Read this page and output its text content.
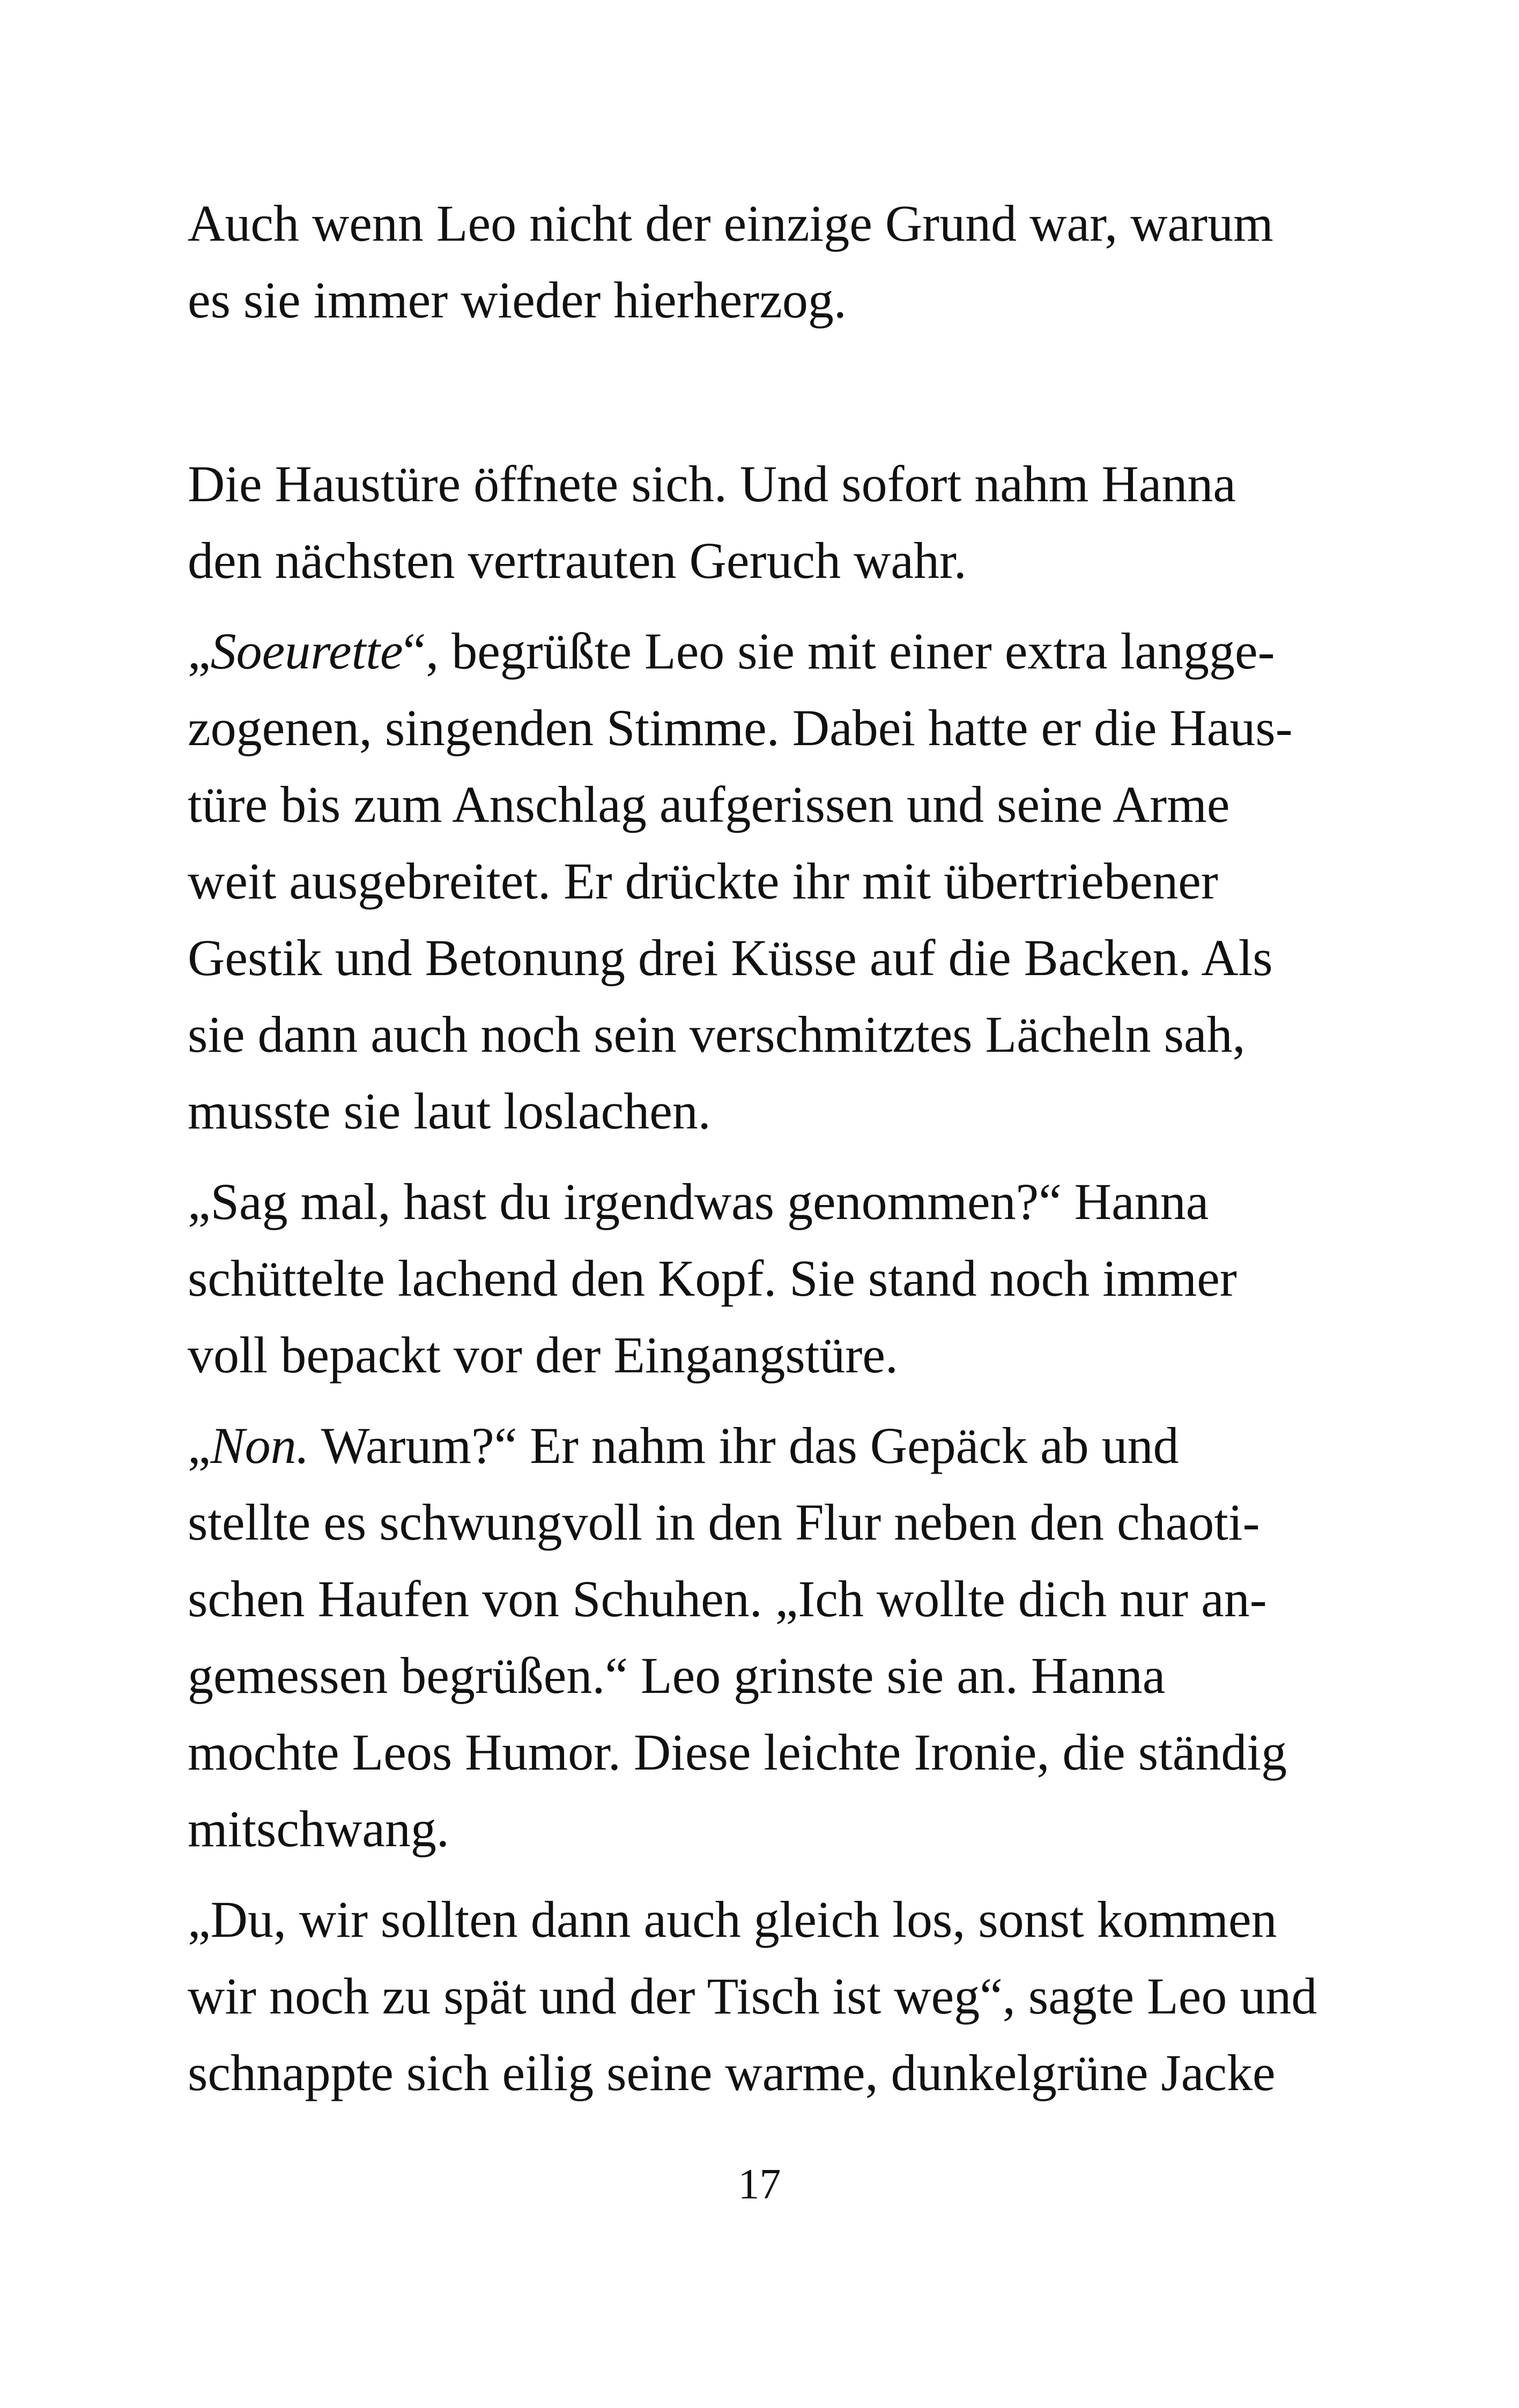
Auch wenn Leo nicht der einzige Grund war, warum
es sie immer wieder hierherzog.

Die Haustüre öffnete sich. Und sofort nahm Hanna
den nächsten vertrauten Geruch wahr.

„Soeurette“, begrüßte Leo sie mit einer extra langge-
zogenen, singenden Stimme. Dabei hatte er die Haus-
türe bis zum Anschlag aufgerissen und seine Arme
weit ausgebreitet. Er drückte ihr mit übertriebener
Gestik und Betonung drei Küsse auf die Backen. Als
sie dann auch noch sein verschmitztes Lächeln sah,
musste sie laut loslachen.

„Sag mal, hast du irgendwas genommen?“ Hanna
schüttelte lachend den Kopf. Sie stand noch immer
voll bepackt vor der Eingangstüre.

„Non. Warum?“ Er nahm ihr das Gepäck ab und
stellte es schwungvoll in den Flur neben den chaoti-
schen Haufen von Schuhen. „Ich wollte dich nur an-
gemessen begrüßen.“ Leo grinste sie an. Hanna
mochte Leos Humor. Diese leichte Ironie, die ständig
mitschwang.

„Du, wir sollten dann auch gleich los, sonst kommen
wir noch zu spät und der Tisch ist weg“, sagte Leo und
schnappte sich eilig seine warme, dunkelgrüne Jacke

17
